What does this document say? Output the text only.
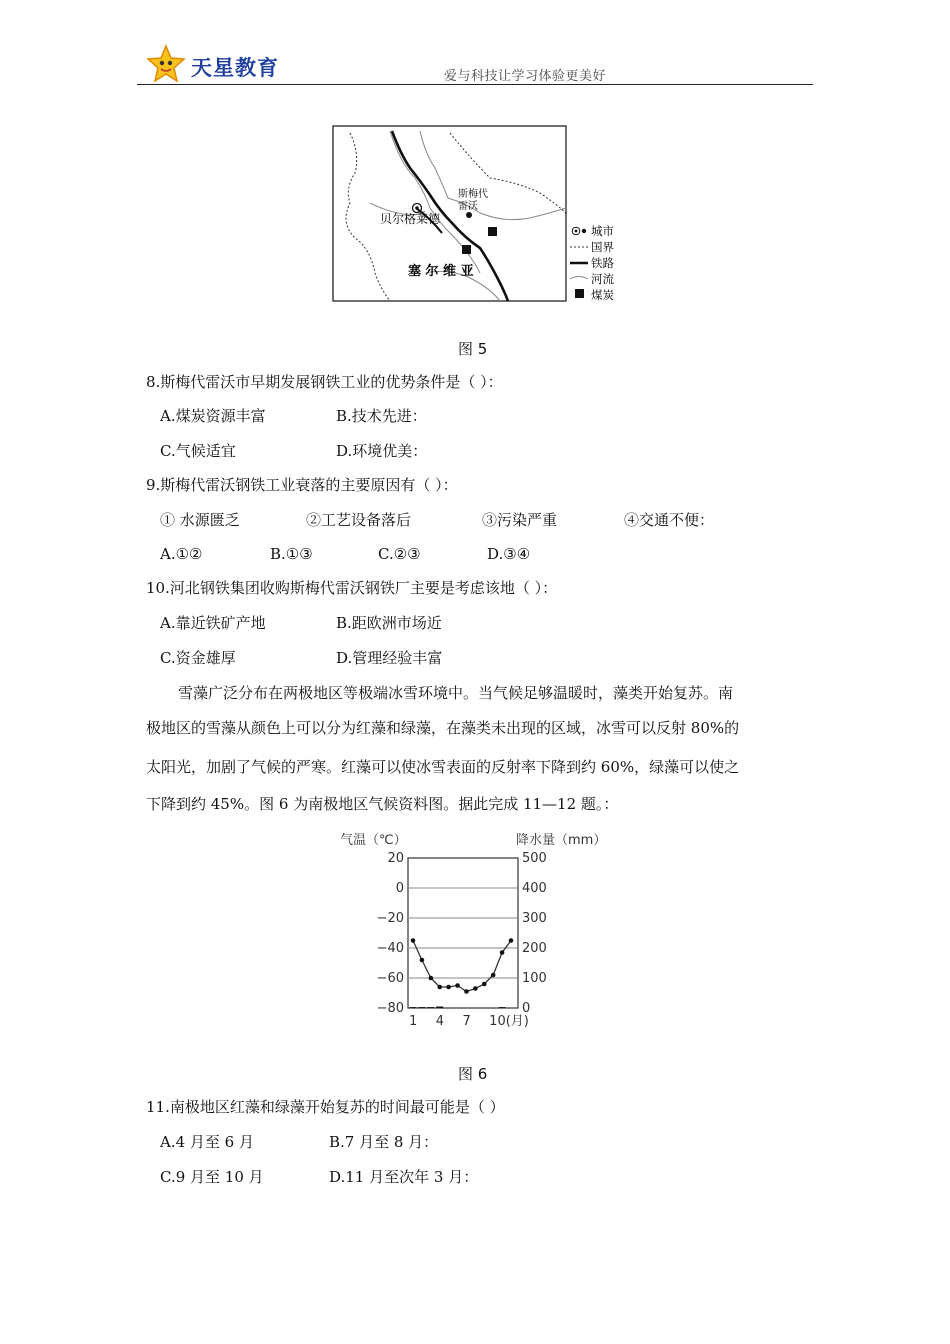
天星教育	爱与科技让学习体验更美好
斯梅代
雷沃
贝尔格莱德
塞 尔 维 亚
城市
国界
铁路
河流
煤炭
图 5
8.斯梅代雷沃市早期发展钢铁工业的优势条件是（ ）：
A.煤炭资源丰富	B.技术先进：
C.气候适宜	D.环境优美：
9.斯梅代雷沃钢铁工业衰落的主要原因有（ ）：
① 水源匮乏	②工艺设备落后	③污染严重	④交通不便：
A.①②	B.①③	C.②③	D.③④
10.河北钢铁集团收购斯梅代雷沃钢铁厂主要是考虑该地（ ）：
A.靠近铁矿产地	B.距欧洲市场近
C.资金雄厚	D.管理经验丰富
雪藻广泛分布在两极地区等极端冰雪环境中。当气候足够温暖时，藻类开始复苏。南
极地区的雪藻从颜色上可以分为红藻和绿藻，在藻类未出现的区域，冰雪可以反射 80%的
太阳光，加剧了气候的严寒。红藻可以使冰雪表面的反射率下降到约 60%，绿藻可以使之
下降到约 45%。图 6 为南极地区气候资料图。据此完成 11—12 题。：
气温（℃）	降水量（mm）
20	500
0	400
−20	300
−40	200
−60	100
−80	0
1 4 7 10(月)
图 6
11.南极地区红藻和绿藻开始复苏的时间最可能是（ ）
A.4 月至 6 月	B.7 月至 8 月：
C.9 月至 10 月	D.11 月至次年 3 月：
